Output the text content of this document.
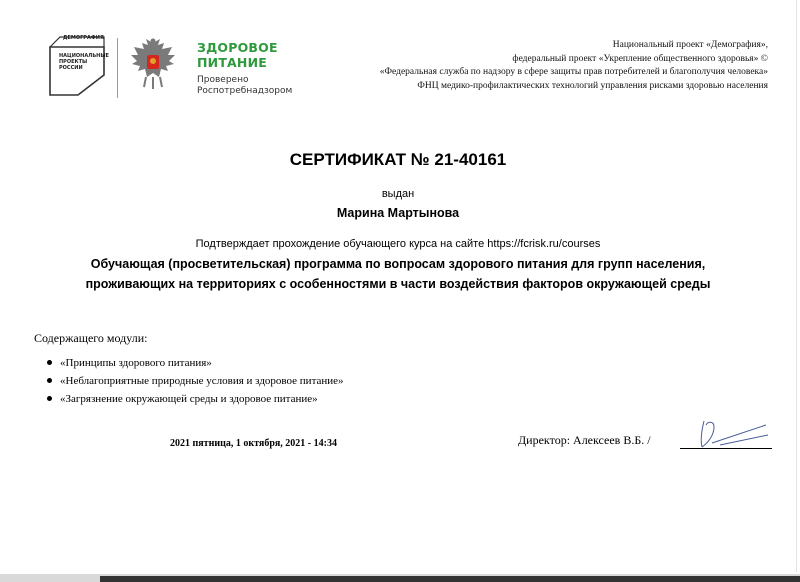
ДЕМОГРАФИЯ
НАЦИОНАЛЬНЫЕ
ПРОЕКТЫ
РОССИИ
ЗДОРОВОЕ
ПИТАНИЕ
Проверено
Роспотребнадзором
Национальный проект «Демография»,
федеральный проект «Укрепление общественного здоровья» ©
«Федеральная служба по надзору в сфере защиты прав потребителей и благополучия человека»
ФНЦ медико-профилактических технологий управления рисками здоровью населения
СЕРТИФИКАТ № 21-40161
выдан
Марина Мартынова
Подтверждает прохождение обучающего курса на сайте https://fcrisk.ru/courses
Обучающая (просветительская) программа по вопросам здорового питания для групп населения, проживающих на территориях с особенностями в части воздействия факторов окружающей среды
Содержащего модули:
«Принципы здорового питания»
«Неблагоприятные природные условия и здоровое питание»
«Загрязнение окружающей среды и здоровое питание»
2021 пятница, 1 октября, 2021 - 14:34	Директор: Алексеев В.Б. /
